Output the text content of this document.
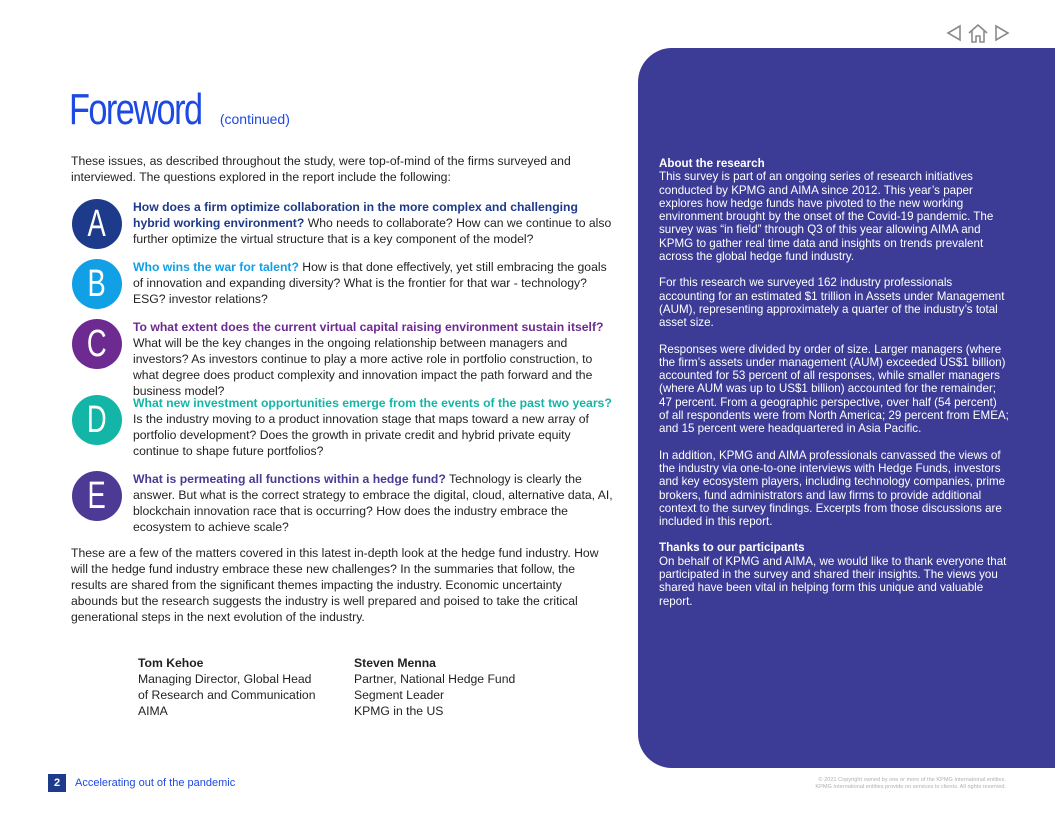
Foreword (continued)

These issues, as described throughout the study, were top-of-mind of the firms surveyed and interviewed. The questions explored in the report include the following:

A How does a firm optimize collaboration in the more complex and challenging hybrid working environment? Who needs to collaborate? How can we continue to also further optimize the virtual structure that is a key component of the model?

B Who wins the war for talent? How is that done effectively, yet still embracing the goals of innovation and expanding diversity? What is the frontier for that war - technology? ESG? investor relations?

C To what extent does the current virtual capital raising environment sustain itself? What will be the key changes in the ongoing relationship between managers and investors? As investors continue to play a more active role in portfolio construction, to what degree does product complexity and innovation impact the path forward and the business model?

D What new investment opportunities emerge from the events of the past two years? Is the industry moving to a product innovation stage that maps toward a new array of portfolio development? Does the growth in private credit and hybrid private equity continue to shape future portfolios?

E What is permeating all functions within a hedge fund? Technology is clearly the answer. But what is the correct strategy to embrace the digital, cloud, alternative data, AI, blockchain innovation race that is occurring? How does the industry embrace the ecosystem to achieve scale?

These are a few of the matters covered in this latest in-depth look at the hedge fund industry. How will the hedge fund industry embrace these new challenges? In the summaries that follow, the results are shared from the significant themes impacting the industry. Economic uncertainty abounds but the research suggests the industry is well prepared and poised to take the critical generational steps in the next evolution of the industry.

Tom Kehoe
Managing Director, Global Head
of Research and Communication
AIMA
Steven Menna
Partner, National Hedge Fund
Segment Leader
KPMG in the US
About the research

This survey is part of an ongoing series of research initiatives conducted by KPMG and AIMA since 2012. This year’s paper explores how hedge funds have pivoted to the new working environment brought by the onset of the Covid-19 pandemic. The survey was “in field” through Q3 of this year allowing AIMA and KPMG to gather real time data and insights on trends prevalent across the global hedge fund industry.

For this research we surveyed 162 industry professionals accounting for an estimated $1 trillion in Assets under Management (AUM), representing approximately a quarter of the industry’s total asset size.

Responses were divided by order of size. Larger managers (where the firm’s assets under management (AUM) exceeded US$1 billion) accounted for 53 percent of all responses, while smaller managers (where AUM was up to US$1 billion) accounted for the remainder; 47 percent. From a geographic perspective, over half (54 percent) of all respondents were from North America; 29 percent from EMEA; and 15 percent were headquartered in Asia Pacific.

In addition, KPMG and AIMA professionals canvassed the views of the industry via one-to-one interviews with Hedge Funds, investors and key ecosystem players, including technology companies, prime brokers, fund administrators and law firms to provide additional context to the survey findings. Excerpts from those discussions are included in this report.

Thanks to our participants

On behalf of KPMG and AIMA, we would like to thank everyone that participated in the survey and shared their insights. The views you shared have been vital in helping form this unique and valuable report.

2	Accelerating out of the pandemic	© 2021 Copyright owned by one or more of the KPMG International entities.
KPMG International entities provide no services to clients. All rights reserved.
